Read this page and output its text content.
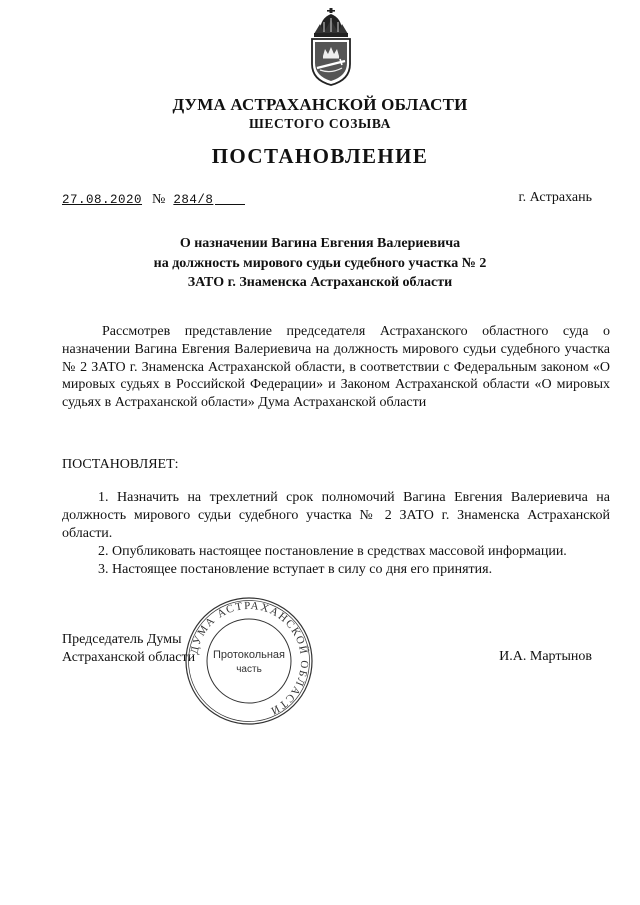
ДУМА АСТРАХАНСКОЙ ОБЛАСТИ
ШЕСТОГО СОЗЫВА
ПОСТАНОВЛЕНИЕ
27.08.2020 № 284/8	г. Астрахань
О назначении Вагина Евгения Валериевича
на должность мирового судьи судебного участка № 2
ЗАТО г. Знаменска Астраханской области
Рассмотрев представление председателя Астраханского областного суда о назначении Вагина Евгения Валериевича на должность мирового судьи судебного участка № 2 ЗАТО г. Знаменска Астраханской области, в соответствии с Федеральным законом «О мировых судьях в Российской Федерации» и Законом Астраханской области «О мировых судьях в Астраханской области» Дума Астраханской области
ПОСТАНОВЛЯЕТ:
1. Назначить на трехлетний срок полномочий Вагина Евгения Валериевича на должность мирового судьи судебного участка № 2 ЗАТО г. Знаменска Астраханской области.
2. Опубликовать настоящее постановление в средствах массовой информации.
3. Настоящее постановление вступает в силу со дня его принятия.
Председатель Думы
Астраханской области	И.А. Мартынов
ДУМА АСТРАХАНСКОЙ ОБЛАСТИ
Протокольная
часть
